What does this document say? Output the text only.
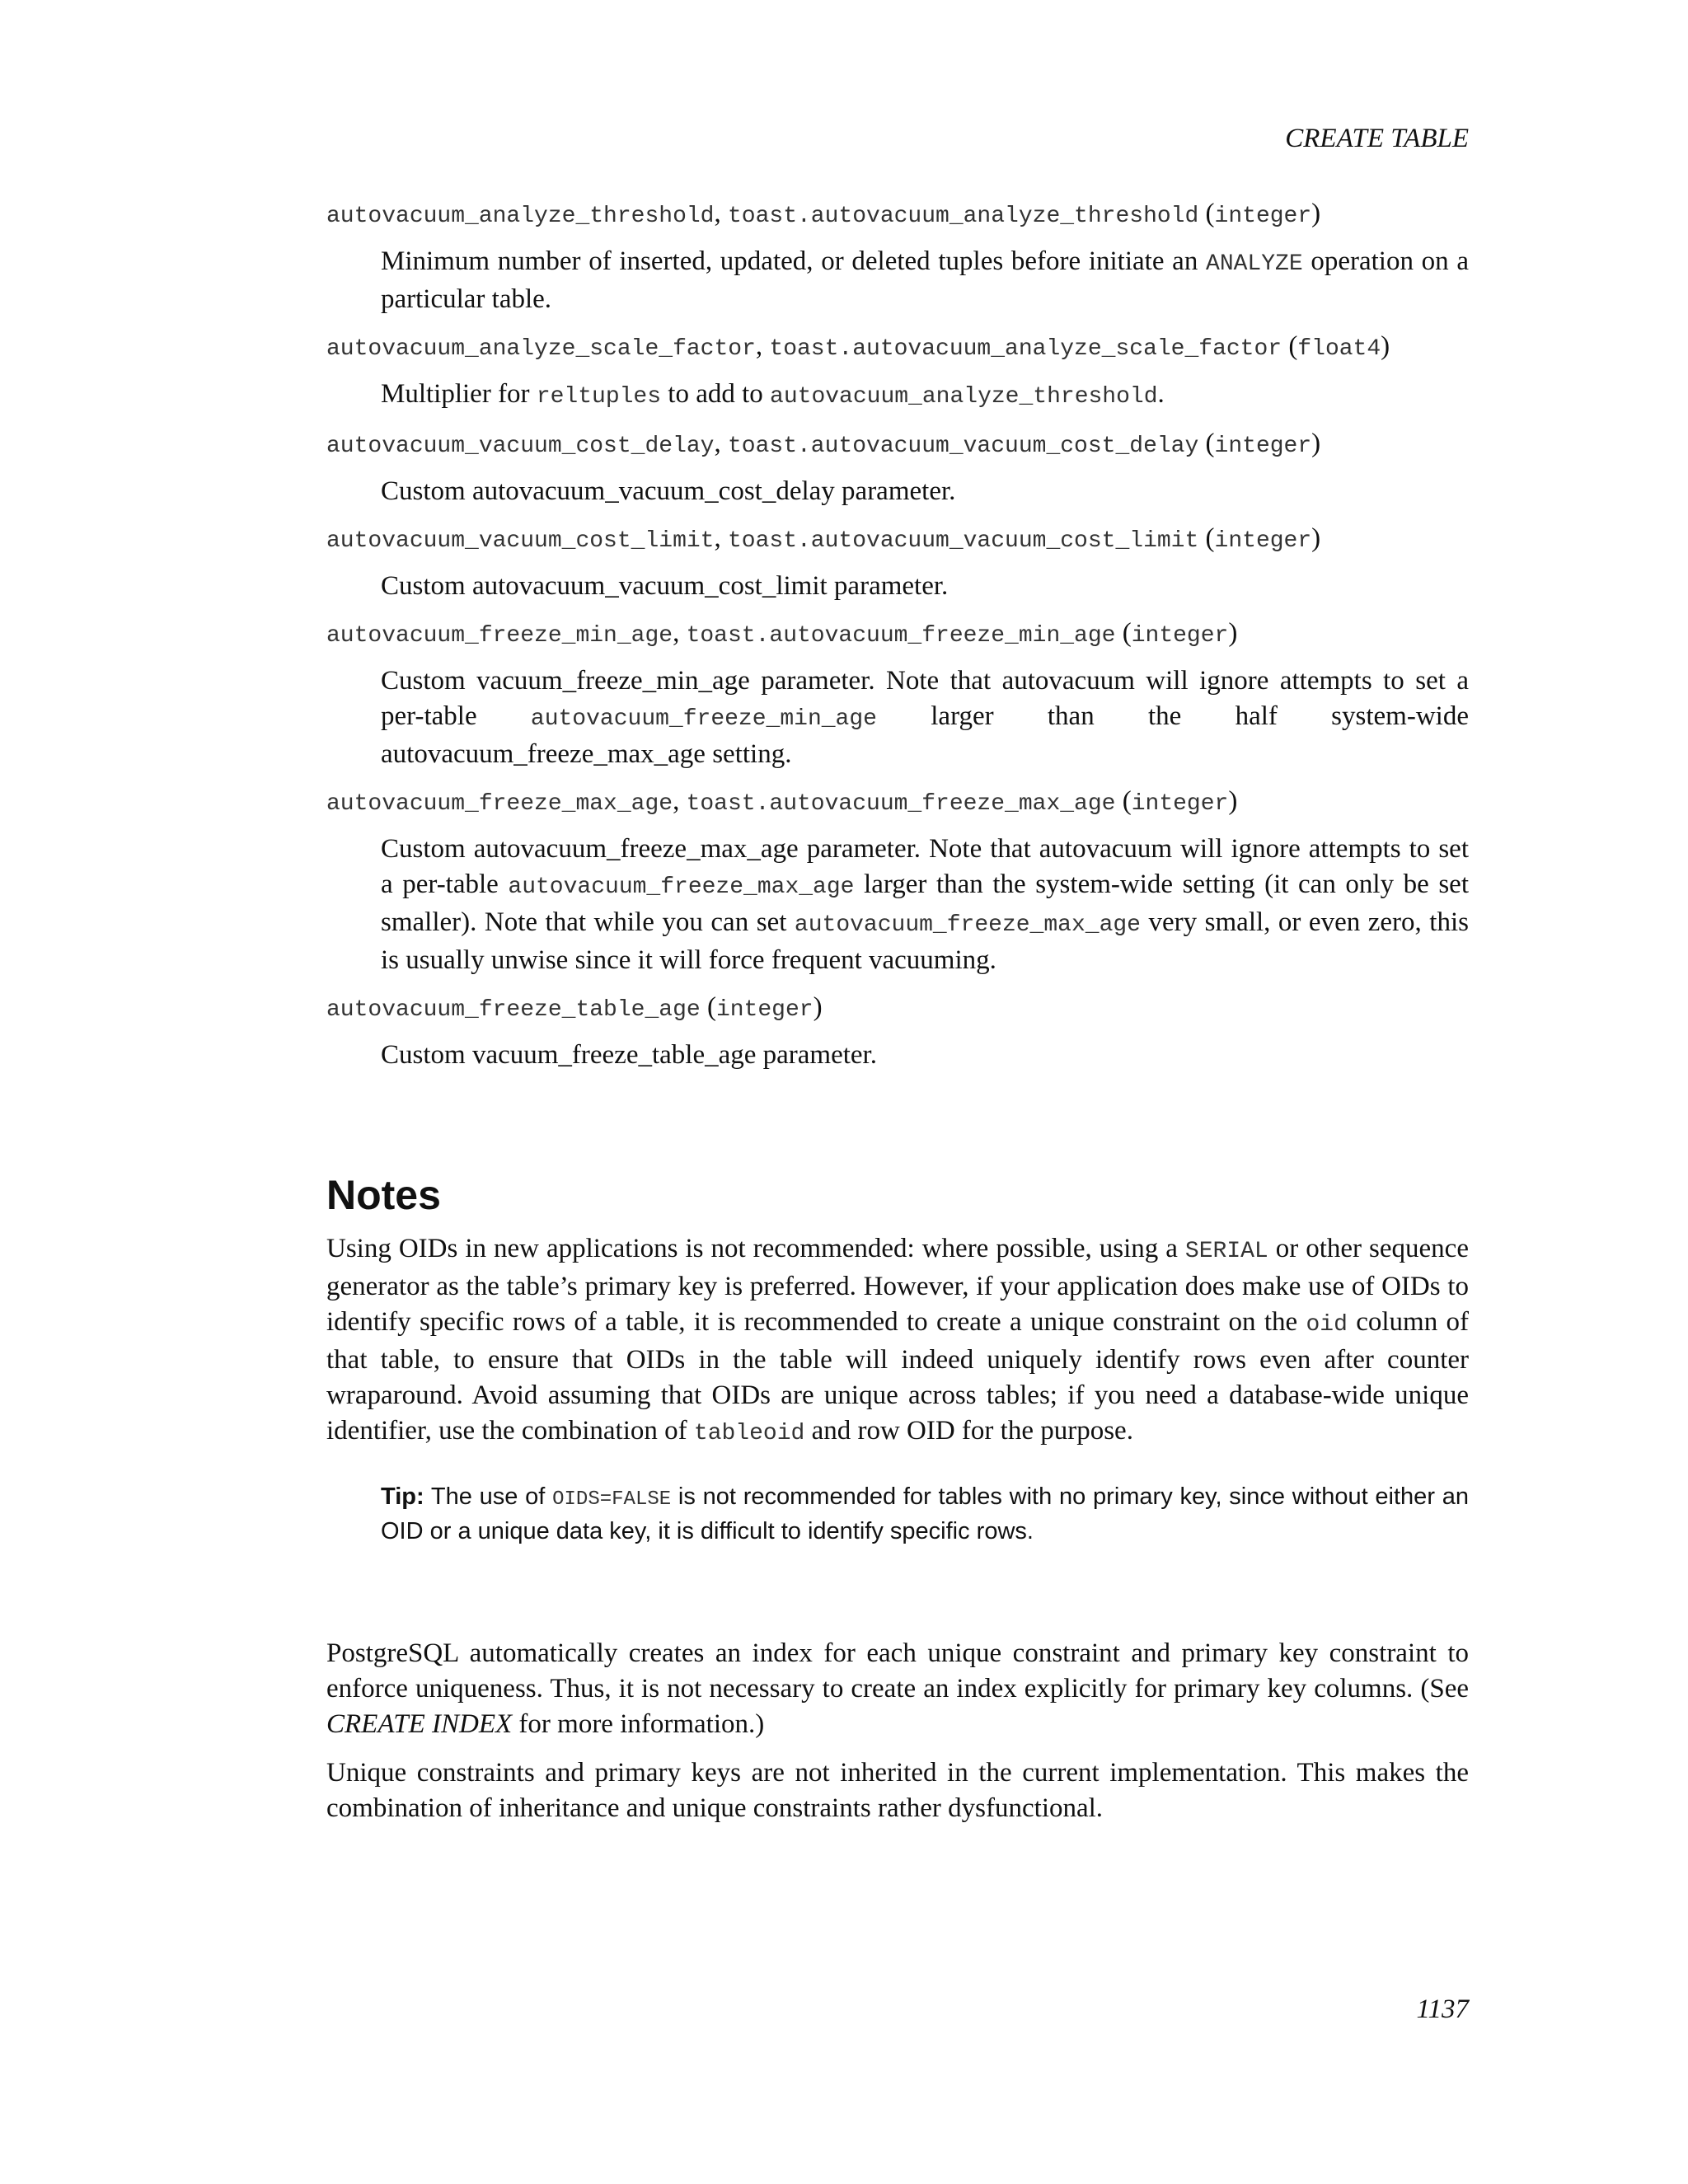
CREATE TABLE
autovacuum_analyze_threshold, toast.autovacuum_analyze_threshold (integer)
Minimum number of inserted, updated, or deleted tuples before initiate an ANALYZE operation on a particular table.
autovacuum_analyze_scale_factor, toast.autovacuum_analyze_scale_factor (float4)
Multiplier for reltuples to add to autovacuum_analyze_threshold.
autovacuum_vacuum_cost_delay, toast.autovacuum_vacuum_cost_delay (integer)
Custom autovacuum_vacuum_cost_delay parameter.
autovacuum_vacuum_cost_limit, toast.autovacuum_vacuum_cost_limit (integer)
Custom autovacuum_vacuum_cost_limit parameter.
autovacuum_freeze_min_age, toast.autovacuum_freeze_min_age (integer)
Custom vacuum_freeze_min_age parameter. Note that autovacuum will ignore attempts to set a per-table autovacuum_freeze_min_age larger than the half system-wide autovacuum_freeze_max_age setting.
autovacuum_freeze_max_age, toast.autovacuum_freeze_max_age (integer)
Custom autovacuum_freeze_max_age parameter. Note that autovacuum will ignore attempts to set a per-table autovacuum_freeze_max_age larger than the system-wide setting (it can only be set smaller). Note that while you can set autovacuum_freeze_max_age very small, or even zero, this is usually unwise since it will force frequent vacuuming.
autovacuum_freeze_table_age (integer)
Custom vacuum_freeze_table_age parameter.
Notes

Using OIDs in new applications is not recommended: where possible, using a SERIAL or other sequence generator as the table’s primary key is preferred. However, if your application does make use of OIDs to identify specific rows of a table, it is recommended to create a unique constraint on the oid column of that table, to ensure that OIDs in the table will indeed uniquely identify rows even after counter wraparound. Avoid assuming that OIDs are unique across tables; if you need a database-wide unique identifier, use the combination of tableoid and row OID for the purpose.

Tip: The use of OIDS=FALSE is not recommended for tables with no primary key, since without either an OID or a unique data key, it is difficult to identify specific rows.

PostgreSQL automatically creates an index for each unique constraint and primary key constraint to enforce uniqueness. Thus, it is not necessary to create an index explicitly for primary key columns. (See CREATE INDEX for more information.)

Unique constraints and primary keys are not inherited in the current implementation. This makes the combination of inheritance and unique constraints rather dysfunctional.

1137
